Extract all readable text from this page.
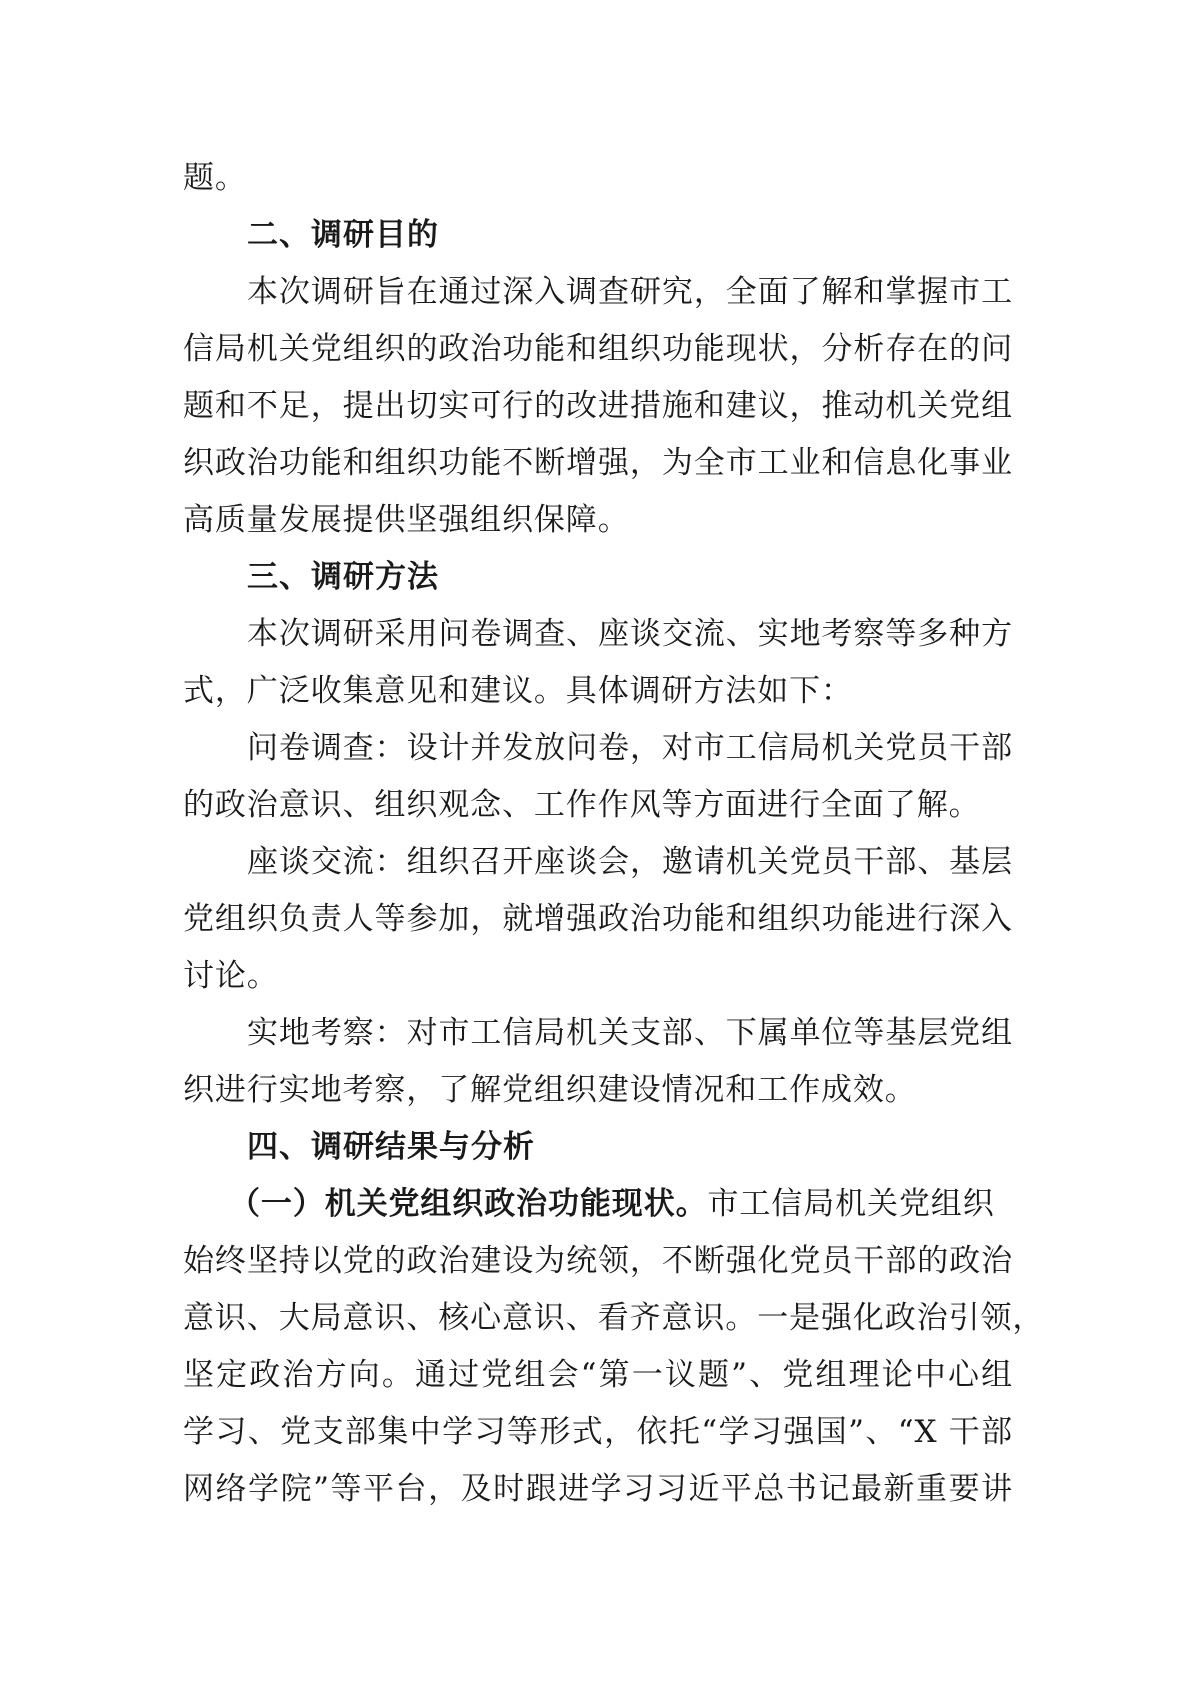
题。
二、调研目的
本次调研旨在通过深入调查研究，全面了解和掌握市工
信局机关党组织的政治功能和组织功能现状，分析存在的问
题和不足，提出切实可行的改进措施和建议，推动机关党组
织政治功能和组织功能不断增强，为全市工业和信息化事业
高质量发展提供坚强组织保障。
三、调研方法
本次调研采用问卷调查、座谈交流、实地考察等多种方
式，广泛收集意见和建议。具体调研方法如下：
问卷调查：设计并发放问卷，对市工信局机关党员干部
的政治意识、组织观念、工作作风等方面进行全面了解。
座谈交流：组织召开座谈会，邀请机关党员干部、基层
党组织负责人等参加，就增强政治功能和组织功能进行深入
讨论。
实地考察：对市工信局机关支部、下属单位等基层党组
织进行实地考察，了解党组织建设情况和工作成效。
四、调研结果与分析
（一）机关党组织政治功能现状。市工信局机关党组织
始终坚持以党的政治建设为统领，不断强化党员干部的政治
意识、大局意识、核心意识、看齐意识。一是强化政治引领，
坚定政治方向。通过党组会“第一议题”、党组理论中心组
学习、党支部集中学习等形式，依托“学习强国”、“X 干部
网络学院”等平台，及时跟进学习习近平总书记最新重要讲
